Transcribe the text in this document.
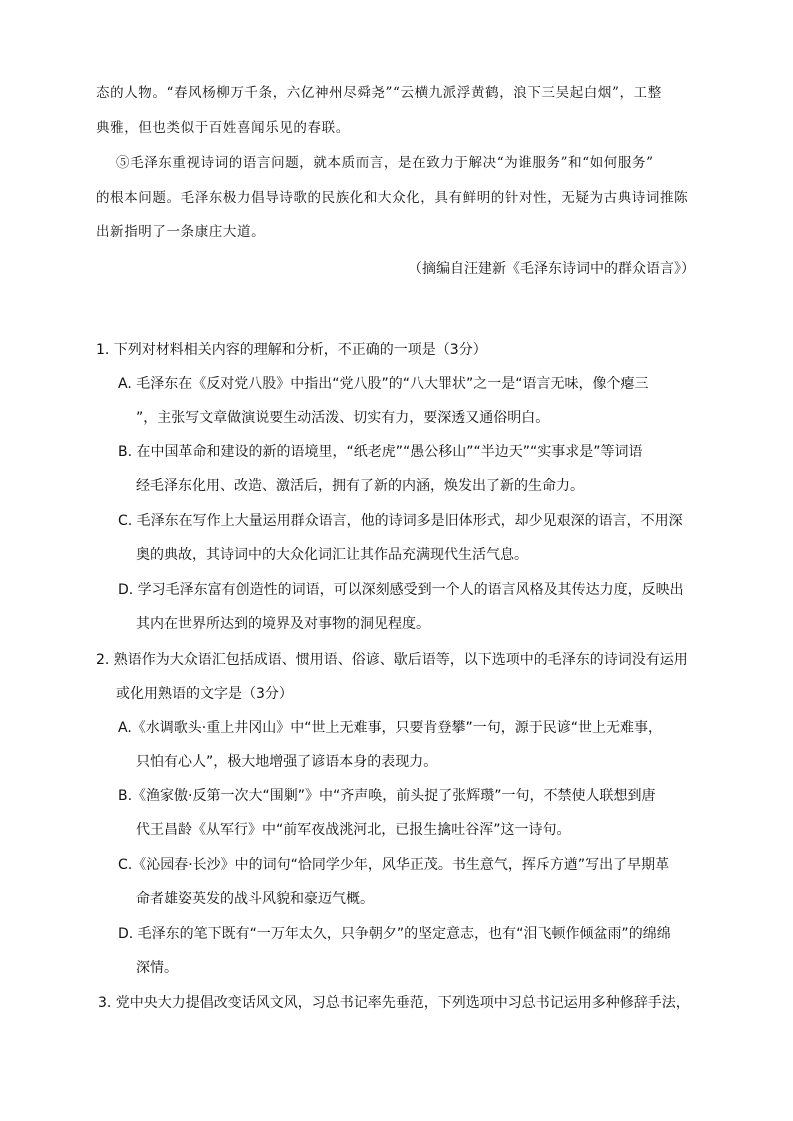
态的人物。“春风杨柳万千条，六亿神州尽舜尧”“云横九派浮黄鹤，浪下三吴起白烟”，工整
典雅，但也类似于百姓喜闻乐见的春联。
⑤毛泽东重视诗词的语言问题，就本质而言，是在致力于解决“为谁服务”和“如何服务”
的根本问题。毛泽东极力倡导诗歌的民族化和大众化，具有鲜明的针对性，无疑为古典诗词推陈
出新指明了一条康庄大道。
（摘编自汪建新《毛泽东诗词中的群众语言》）
1. 下列对材料相关内容的理解和分析，不正确的一项是（3分）
A. 毛泽东在《反对党八股》中指出“党八股”的“八大罪状”之一是“语言无味，像个瘪三
”，主张写文章做演说要生动活泼、切实有力，要深透又通俗明白。
B. 在中国革命和建设的新的语境里，“纸老虎”“愚公移山”“半边天”“实事求是”等词语
经毛泽东化用、改造、激活后，拥有了新的内涵，焕发出了新的生命力。
C. 毛泽东在写作上大量运用群众语言，他的诗词多是旧体形式，却少见艰深的语言，不用深
奥的典故，其诗词中的大众化词汇让其作品充满现代生活气息。
D. 学习毛泽东富有创造性的词语，可以深刻感受到一个人的语言风格及其传达力度，反映出
其内在世界所达到的境界及对事物的洞见程度。
2. 熟语作为大众语汇包括成语、惯用语、俗谚、歇后语等，以下选项中的毛泽东的诗词没有运用
或化用熟语的文字是（3分）
A.《水调歌头·重上井冈山》中“世上无难事，只要肯登攀”一句，源于民谚“世上无难事，
只怕有心人”，极大地增强了谚语本身的表现力。
B.《渔家傲·反第一次大“围剿”》中“齐声唤，前头捉了张辉瓒”一句，不禁使人联想到唐
代王昌龄《从军行》中“前军夜战洮河北，已报生擒吐谷浑”这一诗句。
C.《沁园春·长沙》中的词句“恰同学少年，风华正茂。书生意气，挥斥方遒”写出了早期革
命者雄姿英发的战斗风貌和豪迈气概。
D. 毛泽东的笔下既有“一万年太久，只争朝夕”的坚定意志，也有“泪飞顿作倾盆雨”的绵绵
深情。
3. 党中央大力提倡改变话风文风，习总书记率先垂范，下列选项中习总书记运用多种修辞手法，
